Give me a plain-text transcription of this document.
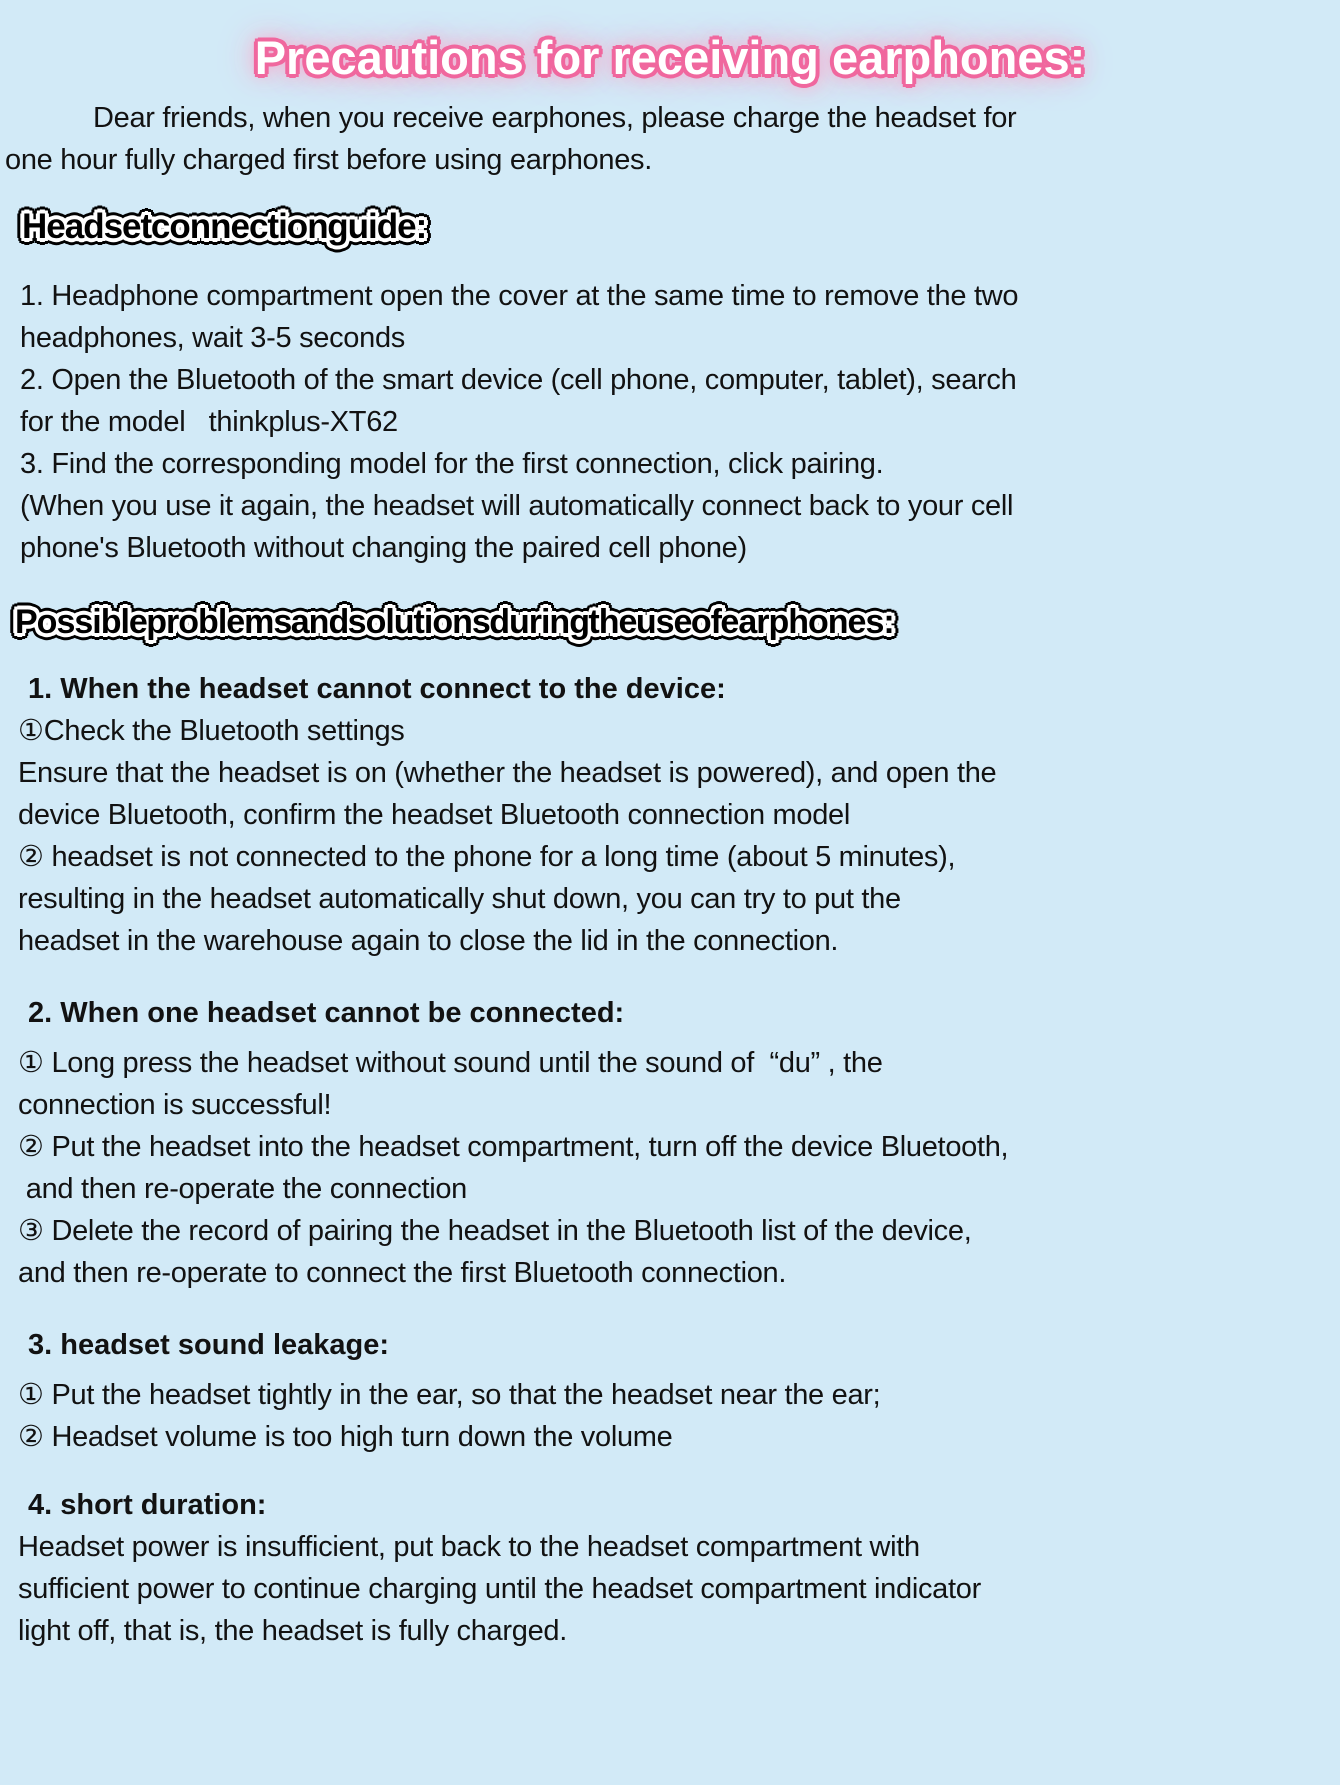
Precautions for receiving earphones:
Dear friends, when you receive earphones, please charge the headset for
one hour fully charged first before using earphones.
Headset connection guide:
1. Headphone compartment open the cover at the same time to remove the two
headphones, wait 3-5 seconds
2. Open the Bluetooth of the smart device (cell phone, computer, tablet), search
for the model   thinkplus-XT62
3. Find the corresponding model for the first connection, click pairing.
(When you use it again, the headset will automatically connect back to your cell
phone's Bluetooth without changing the paired cell phone)
Possible problems and solutions during the use of earphones:
1. When the headset cannot connect to the device:
①Check the Bluetooth settings
Ensure that the headset is on (whether the headset is powered), and open the
device Bluetooth, confirm the headset Bluetooth connection model
② headset is not connected to the phone for a long time (about 5 minutes),
resulting in the headset automatically shut down, you can try to put the
headset in the warehouse again to close the lid in the connection.
2. When one headset cannot be connected:
① Long press the headset without sound until the sound of  “du” , the
connection is successful!
② Put the headset into the headset compartment, turn off the device Bluetooth,
and then re-operate the connection
③ Delete the record of pairing the headset in the Bluetooth list of the device,
and then re-operate to connect the first Bluetooth connection.
3. headset sound leakage:
① Put the headset tightly in the ear, so that the headset near the ear;
② Headset volume is too high turn down the volume
4. short duration:
Headset power is insufficient, put back to the headset compartment with
sufficient power to continue charging until the headset compartment indicator
light off, that is, the headset is fully charged.
